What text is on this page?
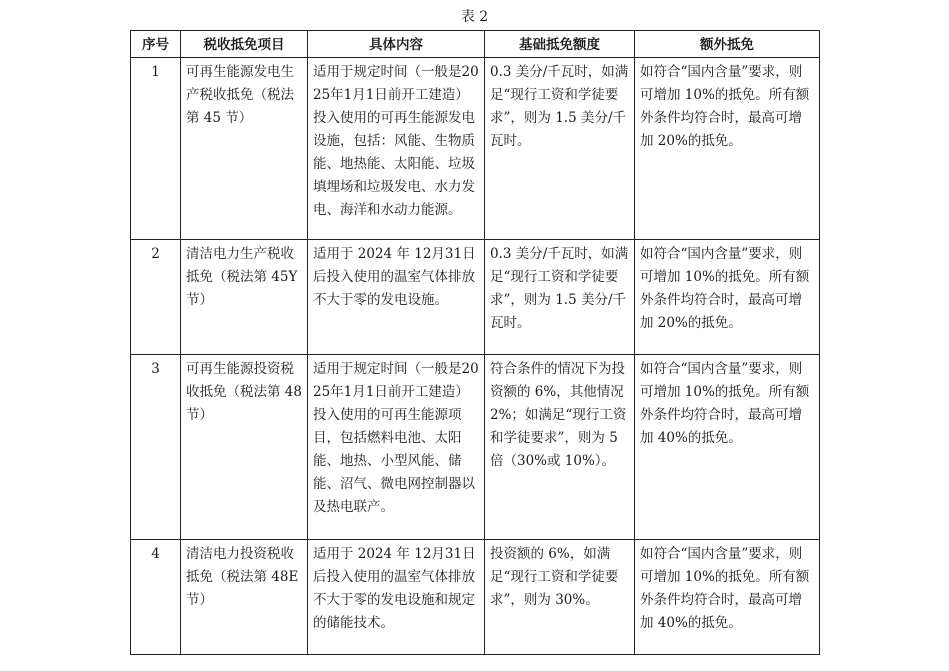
表 2
序号	税收抵免项目	具体内容	基础抵免额度	额外抵免
1	可再生能源发电生产税收抵免（税法第 45 节）	适用于规定时间（一般是2025年1月1日前开工建造）投入使用的可再生能源发电设施，包括：风能、生物质能、地热能、太阳能、垃圾填埋场和垃圾发电、水力发电、海洋和水动力能源。	0.3 美分/千瓦时，如满足“现行工资和学徒要求”，则为 1.5 美分/千瓦时。	如符合“国内含量”要求，则可增加 10%的抵免。所有额外条件均符合时，最高可增加 20%的抵免。
2	清洁电力生产税收抵免（税法第 45Y 节）	适用于 2024 年 12月31日后投入使用的温室气体排放不大于零的发电设施。	0.3 美分/千瓦时，如满足“现行工资和学徒要求”，则为 1.5 美分/千瓦时。	如符合“国内含量”要求，则可增加 10%的抵免。所有额外条件均符合时，最高可增加 20%的抵免。
3	可再生能源投资税收抵免（税法第 48 节）	适用于规定时间（一般是2025年1月1日前开工建造）投入使用的可再生能源项目，包括燃料电池、太阳能、地热、小型风能、储能、沼气、微电网控制器以及热电联产。	符合条件的情况下为投资额的 6%，其他情况 2%；如满足“现行工资和学徒要求”，则为 5 倍（30%或 10%）。	如符合“国内含量”要求，则可增加 10%的抵免。所有额外条件均符合时，最高可增加 40%的抵免。
4	清洁电力投资税收抵免（税法第 48E 节）	适用于 2024 年 12月31日后投入使用的温室气体排放不大于零的发电设施和规定的储能技术。	投资额的 6%，如满足“现行工资和学徒要求”，则为 30%。	如符合“国内含量”要求，则可增加 10%的抵免。所有额外条件均符合时，最高可增加 40%的抵免。
